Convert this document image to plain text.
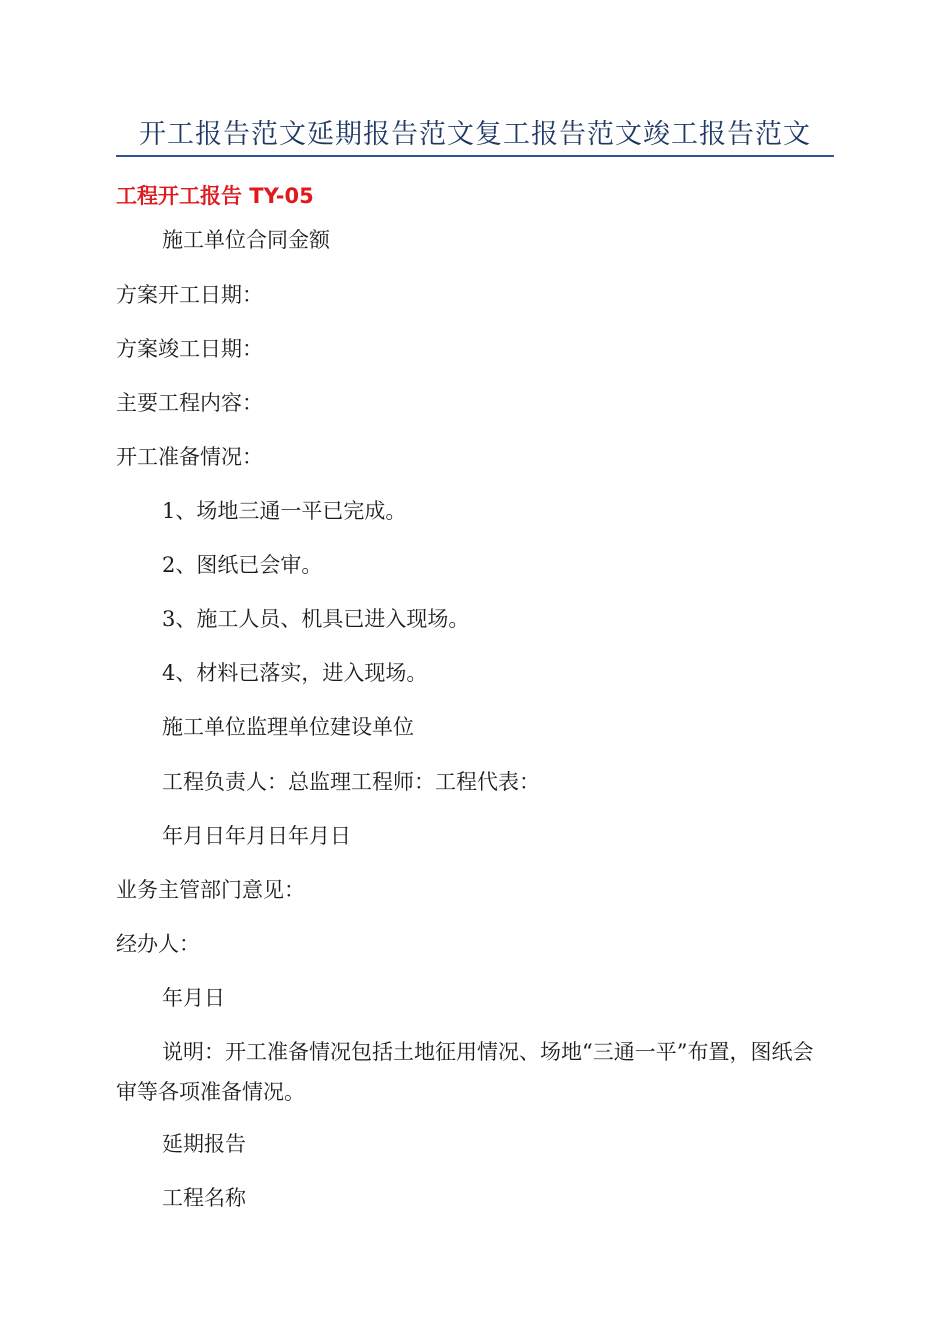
开工报告范文延期报告范文复工报告范文竣工报告范文
工程开工报告 TY-05
施工单位合同金额
方案开工日期：
方案竣工日期：
主要工程内容：
开工准备情况：
1、场地三通一平已完成。
2、图纸已会审。
3、施工人员、机具已进入现场。
4、材料已落实，进入现场。
施工单位监理单位建设单位
工程负责人：总监理工程师：工程代表：
年月日年月日年月日
业务主管部门意见：
经办人：
年月日
说明：开工准备情况包括土地征用情况、场地“三通一平”布置，图纸会审等各项准备情况。
延期报告
工程名称
